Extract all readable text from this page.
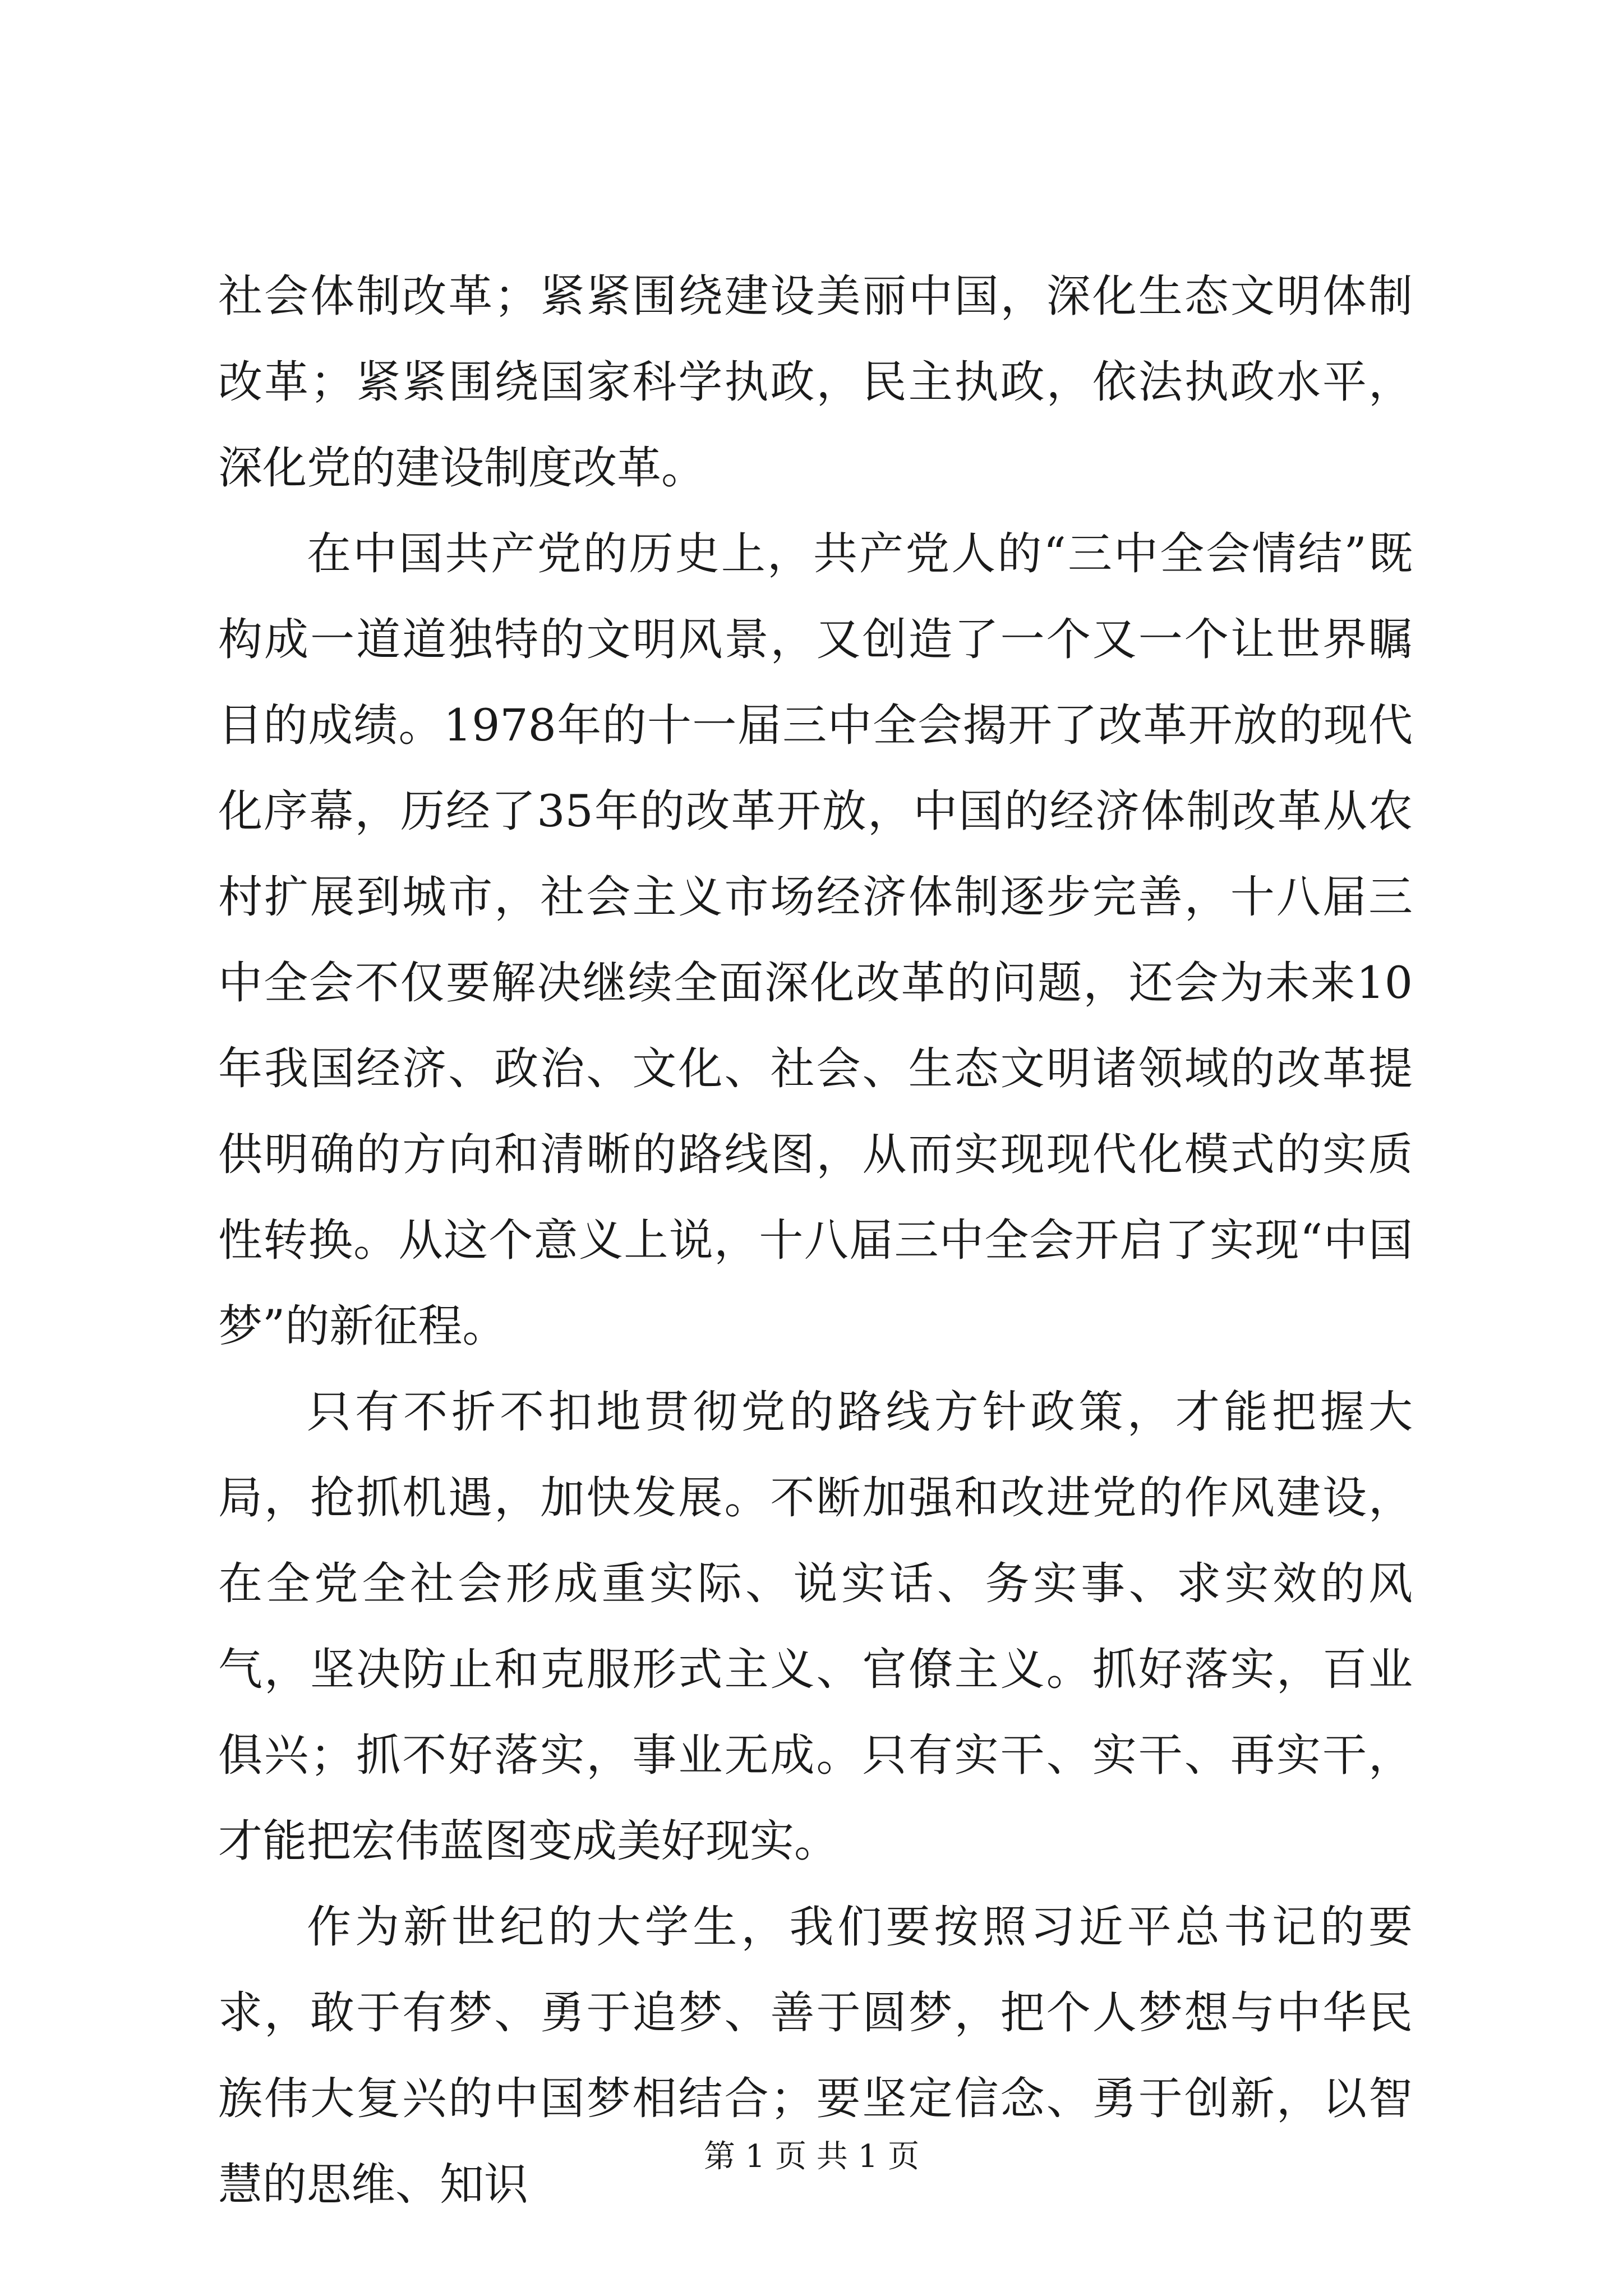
社会体制改革；紧紧围绕建设美丽中国，深化生态文明体制改革；紧紧围绕国家科学执政，民主执政，依法执政水平，深化党的建设制度改革。

在中国共产党的历史上，共产党人的“三中全会情结”既构成一道道独特的文明风景，又创造了一个又一个让世界瞩目的成绩。1978年的十一届三中全会揭开了改革开放的现代化序幕，历经了35年的改革开放，中国的经济体制改革从农村扩展到城市，社会主义市场经济体制逐步完善，十八届三中全会不仅要解决继续全面深化改革的问题，还会为未来10年我国经济、政治、文化、社会、生态文明诸领域的改革提供明确的方向和清晰的路线图，从而实现现代化模式的实质性转换。从这个意义上说，十八届三中全会开启了实现“中国梦”的新征程。

只有不折不扣地贯彻党的路线方针政策，才能把握大局，抢抓机遇，加快发展。不断加强和改进党的作风建设，在全党全社会形成重实际、说实话、务实事、求实效的风气，坚决防止和克服形式主义、官僚主义。抓好落实，百业俱兴；抓不好落实，事业无成。只有实干、实干、再实干，才能把宏伟蓝图变成美好现实。

作为新世纪的大学生，我们要按照习近平总书记的要求，敢于有梦、勇于追梦、善于圆梦，把个人梦想与中华民族伟大复兴的中国梦相结合；要坚定信念、勇于创新，以智慧的思维、知识

第 1 页 共 1 页
